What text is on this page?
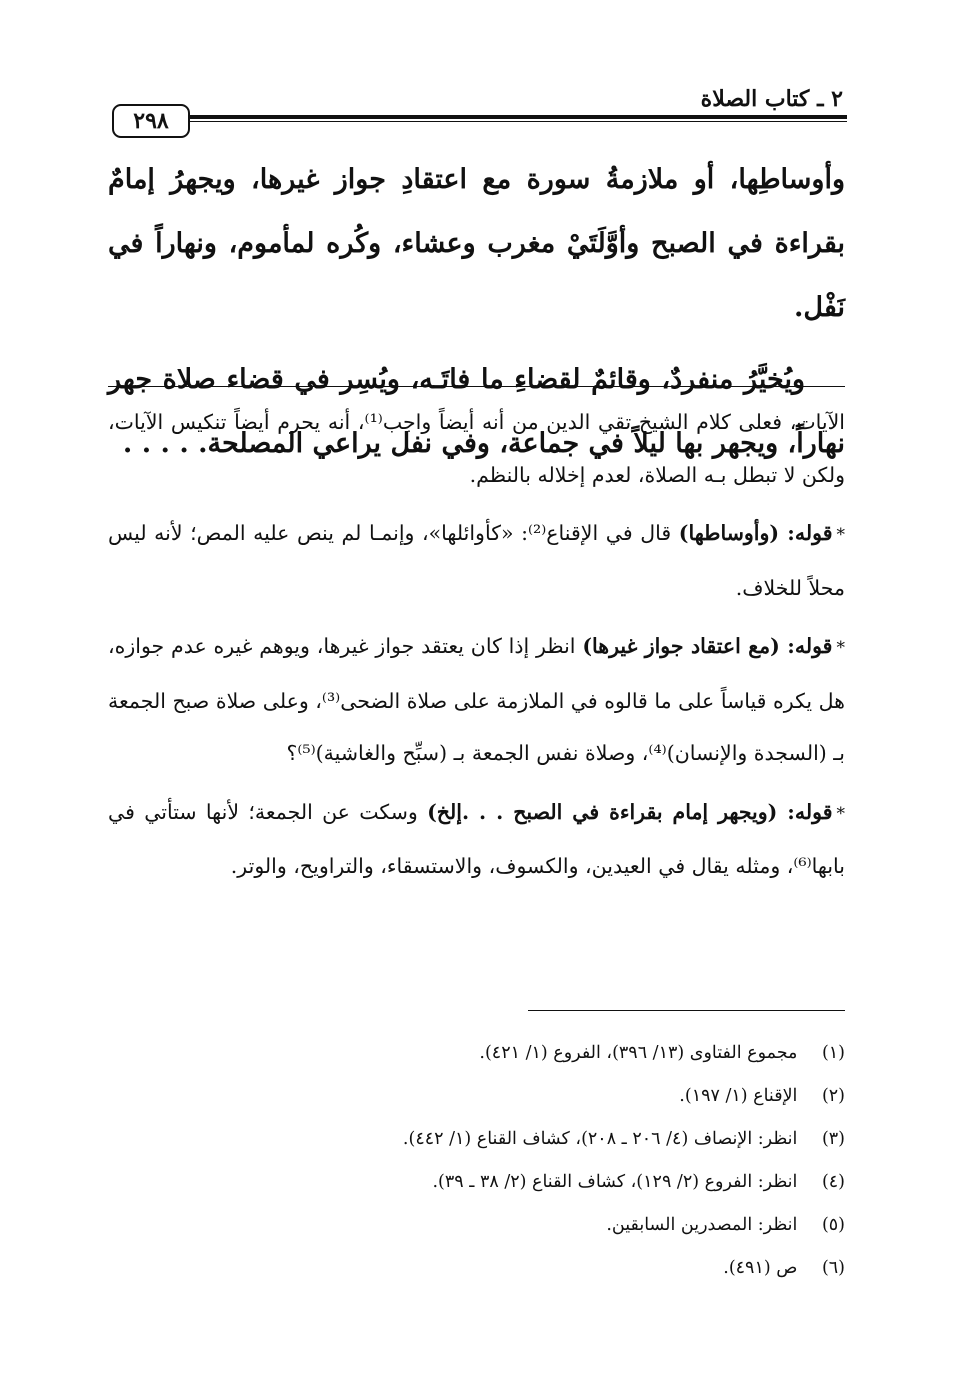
٢ ـ كتاب الصلاة
٢٩٨

وأوساطِها، أو ملازمةُ سورة مع اعتقادِ جواز غيرها، ويجهرُ إمامٌ بقراءة في الصبح وأوَّلَتَيْ مغرب وعشاء، وكُره لمأموم، ونهاراً في نَفْل.

ويُخيَّرُ منفردٌ، وقائمٌ لقضاءِ ما فاتَـه، ويُسِر في قضاء صلاة جهر نهاراً، ويجهر بها ليلاً في جماعة، وفي نفل يراعي المصلحة. . . . .

الآيات، فعلى كلام الشيخ تقي الدين من أنه أيضاً واجب⁽¹⁾، أنه يحرم أيضاً تنكيس الآيات، ولكن لا تبطل بـه الصلاة، لعدم إخلاله بالنظم.

*قوله: (وأوساطها) قال في الإقناع⁽²⁾: «كأوائلها»، وإنمـا لم ينص عليه المص؛ لأنه ليس محلاً للخلاف.

*قوله: (مع اعتقاد جواز غيرها) انظر إذا كان يعتقد جواز غيرها، ويوهم غيره عدم جوازه، هل يكره قياساً على ما قالوه في الملازمة على صلاة الضحى⁽³⁾، وعلى صلاة صبح الجمعة بـ (السجدة والإنسان)⁽⁴⁾، وصلاة نفس الجمعة بـ (سبِّح والغاشية)⁽⁵⁾؟

*قوله: (ويجهر إمام بقراءة في الصبح . . .إلخ) وسكت عن الجمعة؛ لأنها ستأتي في بابها⁽⁶⁾، ومثله يقال في العيدين، والكسوف، والاستسقاء، والتراويح، والوتر.

(١) مجموع الفتاوى (١٣/ ٣٩٦)، الفروع (١/ ٤٢١).
(٢) الإقناع (١/ ١٩٧).
(٣) انظر: الإنصاف (٤/ ٢٠٦ ـ ٢٠٨)، كشاف القناع (١/ ٤٤٢).
(٤) انظر: الفروع (٢/ ١٢٩)، كشاف القناع (٢/ ٣٨ ـ ٣٩).
(٥) انظر: المصدرين السابقين.
(٦) ص (٤٩١).
